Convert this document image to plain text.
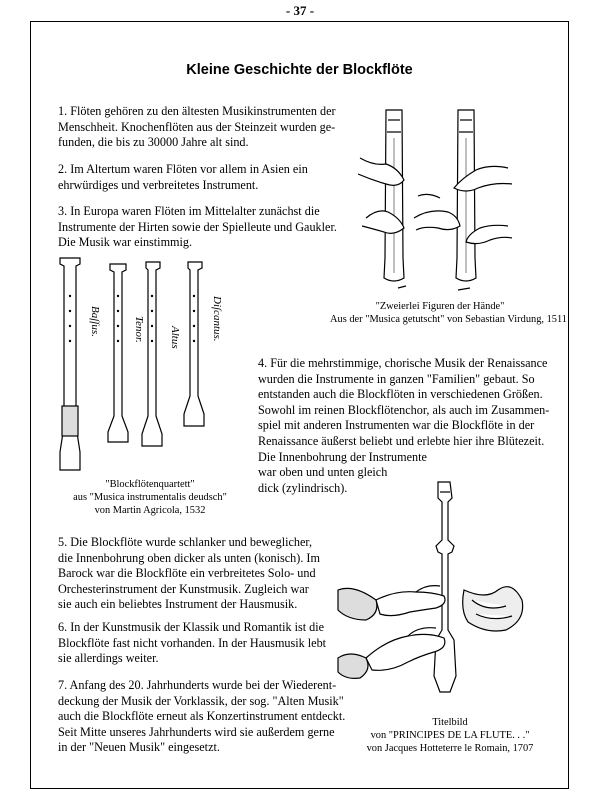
- 37 -
Kleine Geschichte der Blockflöte
1. Flöten gehören zu den ältesten Musikinstrumenten der
Menschheit. Knochenflöten aus der Steinzeit wurden ge-
funden, die bis zu 30000 Jahre alt sind.
2. Im Altertum waren Flöten vor allem in Asien ein
ehrwürdiges und verbreitetes Instrument.
3. In Europa waren Flöten im Mittelalter zunächst die
Instrumente der Hirten sowie der Spielleute und Gaukler.
Die Musik war einstimmig.
4. Für die mehrstimmige, chorische Musik der Renaissance
wurden die Instrumente in ganzen "Familien" gebaut. So
entstanden auch die Blockflöten in verschiedenen Größen.
Sowohl im reinen Blockflötenchor, als auch im Zusammen-
spiel mit anderen Instrumenten war die Blockflöte in der
Renaissance äußerst beliebt und erlebte hier ihre Blütezeit.
Die Innenbohrung der Instrumente
war oben und unten gleich
dick (zylindrisch).
5. Die Blockflöte wurde schlanker und beweglicher,
die Innenbohrung oben dicker als unten (konisch). Im
Barock war die Blockflöte ein verbreitetes Solo- und
Orchesterinstrument der Kunstmusik. Zugleich war
sie auch ein beliebtes Instrument der Hausmusik.
6. In der Kunstmusik der Klassik und Romantik ist die
Blockflöte fast nicht vorhanden. In der Hausmusik lebt
sie allerdings weiter.
7. Anfang des 20. Jahrhunderts wurde bei der Wiederent-
deckung der Musik der Vorklassik, der sog. "Alten Musik"
auch die Blockflöte erneut als Konzertinstrument entdeckt.
Seit Mitte unseres Jahrhunderts wird sie außerdem gerne
in der "Neuen Musik" eingesetzt.
"Zweierlei Figuren der Hände"
Aus der "Musica getutscht" von Sebastian Virdung, 1511
Baſſus.	Tenor. Altus	Diſcantus.
"Blockflötenquartett"
aus "Musica instrumentalis deudsch"
von Martin Agricola, 1532
Titelbild
von "PRINCIPES DE LA FLUTE. . ."
von Jacques Hotteterre le Romain, 1707
